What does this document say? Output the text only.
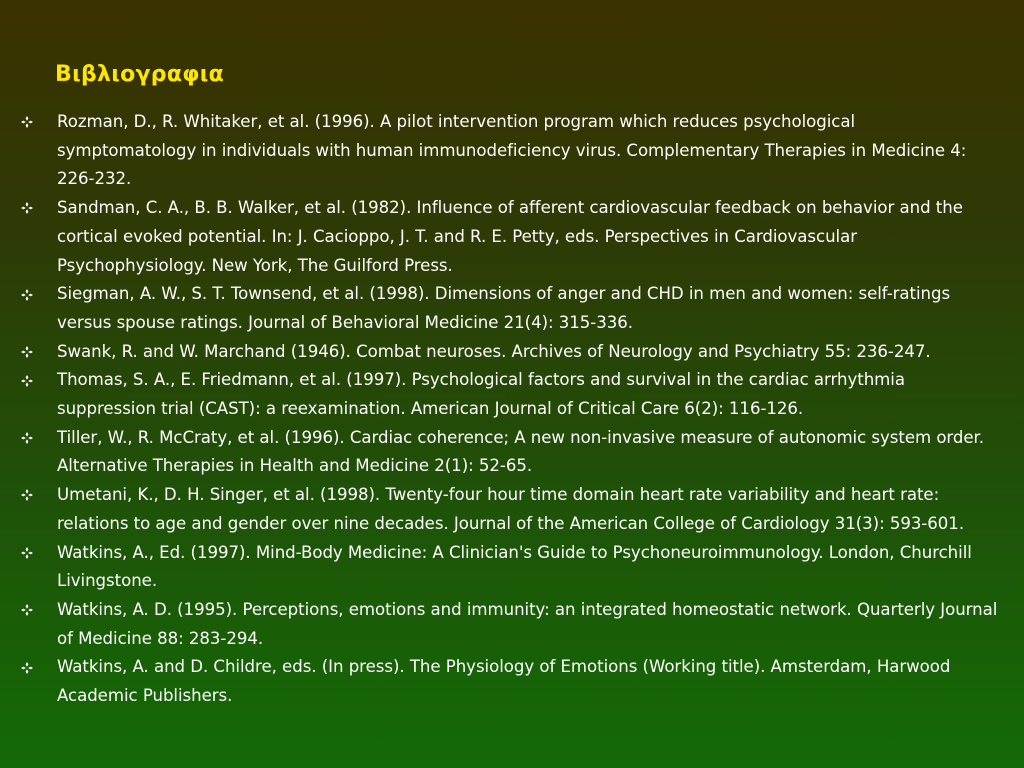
Βιβλιογραφια
Rozman, D., R. Whitaker, et al. (1996). A pilot intervention program which reduces psychological symptomatology in individuals with human immunodeficiency virus. Complementary Therapies in Medicine 4: 226-232.
Sandman, C. A., B. B. Walker, et al. (1982). Influence of afferent cardiovascular feedback on behavior and the cortical evoked potential. In: J. Cacioppo, J. T. and R. E. Petty, eds. Perspectives in Cardiovascular Psychophysiology. New York, The Guilford Press.
Siegman, A. W., S. T. Townsend, et al. (1998). Dimensions of anger and CHD in men and women: self-ratings versus spouse ratings. Journal of Behavioral Medicine 21(4): 315-336.
Swank, R. and W. Marchand (1946). Combat neuroses. Archives of Neurology and Psychiatry 55: 236-247.
Thomas, S. A., E. Friedmann, et al. (1997). Psychological factors and survival in the cardiac arrhythmia suppression trial (CAST): a reexamination. American Journal of Critical Care 6(2): 116-126.
Tiller, W., R. McCraty, et al. (1996). Cardiac coherence; A new non-invasive measure of autonomic system order. Alternative Therapies in Health and Medicine 2(1): 52-65.
Umetani, K., D. H. Singer, et al. (1998). Twenty-four hour time domain heart rate variability and heart rate: relations to age and gender over nine decades. Journal of the American College of Cardiology 31(3): 593-601.
Watkins, A., Ed. (1997). Mind-Body Medicine: A Clinician's Guide to Psychoneuroimmunology. London, Churchill Livingstone.
Watkins, A. D. (1995). Perceptions, emotions and immunity: an integrated homeostatic network. Quarterly Journal of Medicine 88: 283-294.
Watkins, A. and D. Childre, eds. (In press). The Physiology of Emotions (Working title). Amsterdam, Harwood Academic Publishers.
